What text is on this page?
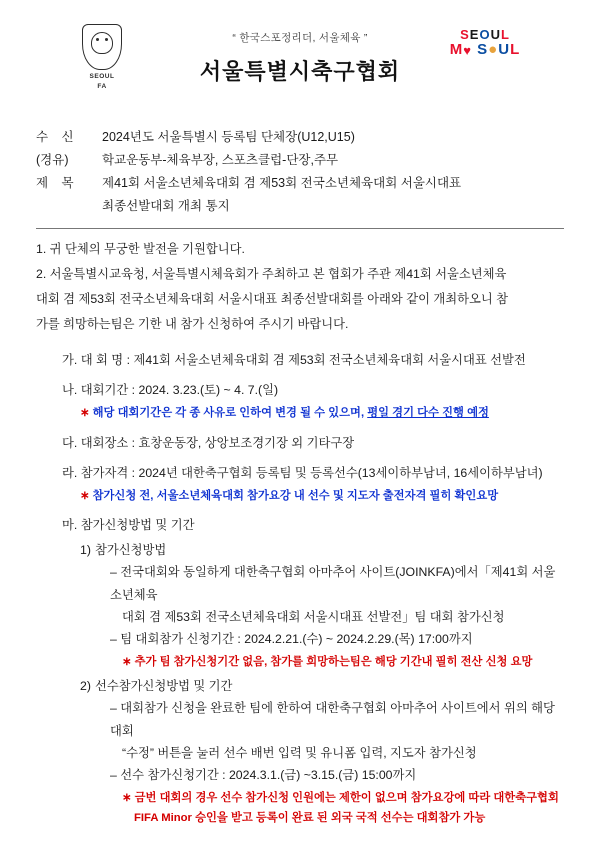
SEOUL
FA
“ 한국스포정리더, 서울체육 ”
서울특별시축구협회
SEOUL
M♥ S●UL
수 신	2024년도 서울특별시 등록팀 단체장(U12,U15)
(경유)	학교운동부-체육부장, 스포츠클럽-단장,주무
제 목	제41회 서울소년체육대회 겸 제53회 전국소년체육대회 서울시대표
최종선발대회 개최 통지
1. 귀 단체의 무궁한 발전을 기원합니다.
2. 서울특별시교육청, 서울특별시체육회가 주최하고 본 협회가 주관 제41회 서울소년체육
대회 겸 제53회 전국소년체육대회 서울시대표 최종선발대회를 아래와 같이 개최하오니 참
가를 희망하는팀은 기한 내 참가 신청하여 주시기 바랍니다.
가. 대 회 명 : 제41회 서울소년체육대회 겸 제53회 전국소년체육대회 서울시대표 선발전
나. 대회기간 : 2024. 3.23.(토) ~ 4. 7.(일)
∗ 해당 대회기간은 각 종 사유로 인하여 변경 될 수 있으며, 평일 경기 다수 진행 예정
다. 대회장소 : 효창운동장, 상앙보조경기장 외 기타구장
라. 참가자격 : 2024년 대한축구협회 등록팀 및 등록선수(13세이하부남녀, 16세이하부남녀)
∗ 참가신청 전, 서울소년체육대회 참가요강 내 선수 및 지도자 출전자격 필히 확인요망
마. 참가신청방법 및 기간
1) 참가신청방법
– 전국대회와 동일하게 대한축구협회 아마추어 사이트(JOINKFA)에서「제41회 서울소년체육
대회 겸 제53회 전국소년체육대회 서울시대표 선발전」팀 대회 참가신청
– 팀 대회참가 신청기간 : 2024.2.21.(수) ~ 2024.2.29.(목) 17:00까지
∗ 추가 팀 참가신청기간 없음, 참가를 희망하는팀은 해당 기간내 필히 전산 신청 요망
2) 선수참가신청방법 및 기간
– 대회참가 신청을 완료한 팀에 한하여 대한축구협회 아마추어 사이트에서 위의 해당대회
“수정” 버튼을 눌러 선수 배번 입력 및 유니폼 입력, 지도자 참가신청
– 선수 참가신청기간 : 2024.3.1.(금) ~3.15.(금) 15:00까지
∗ 금번 대회의 경우 선수 참가신청 인원에는 제한이 없으며 참가요강에 따라 대한축구협회
FIFA Minor 승인을 받고 등록이 완료 된 외국 국적 선수는 대회참가 가능
